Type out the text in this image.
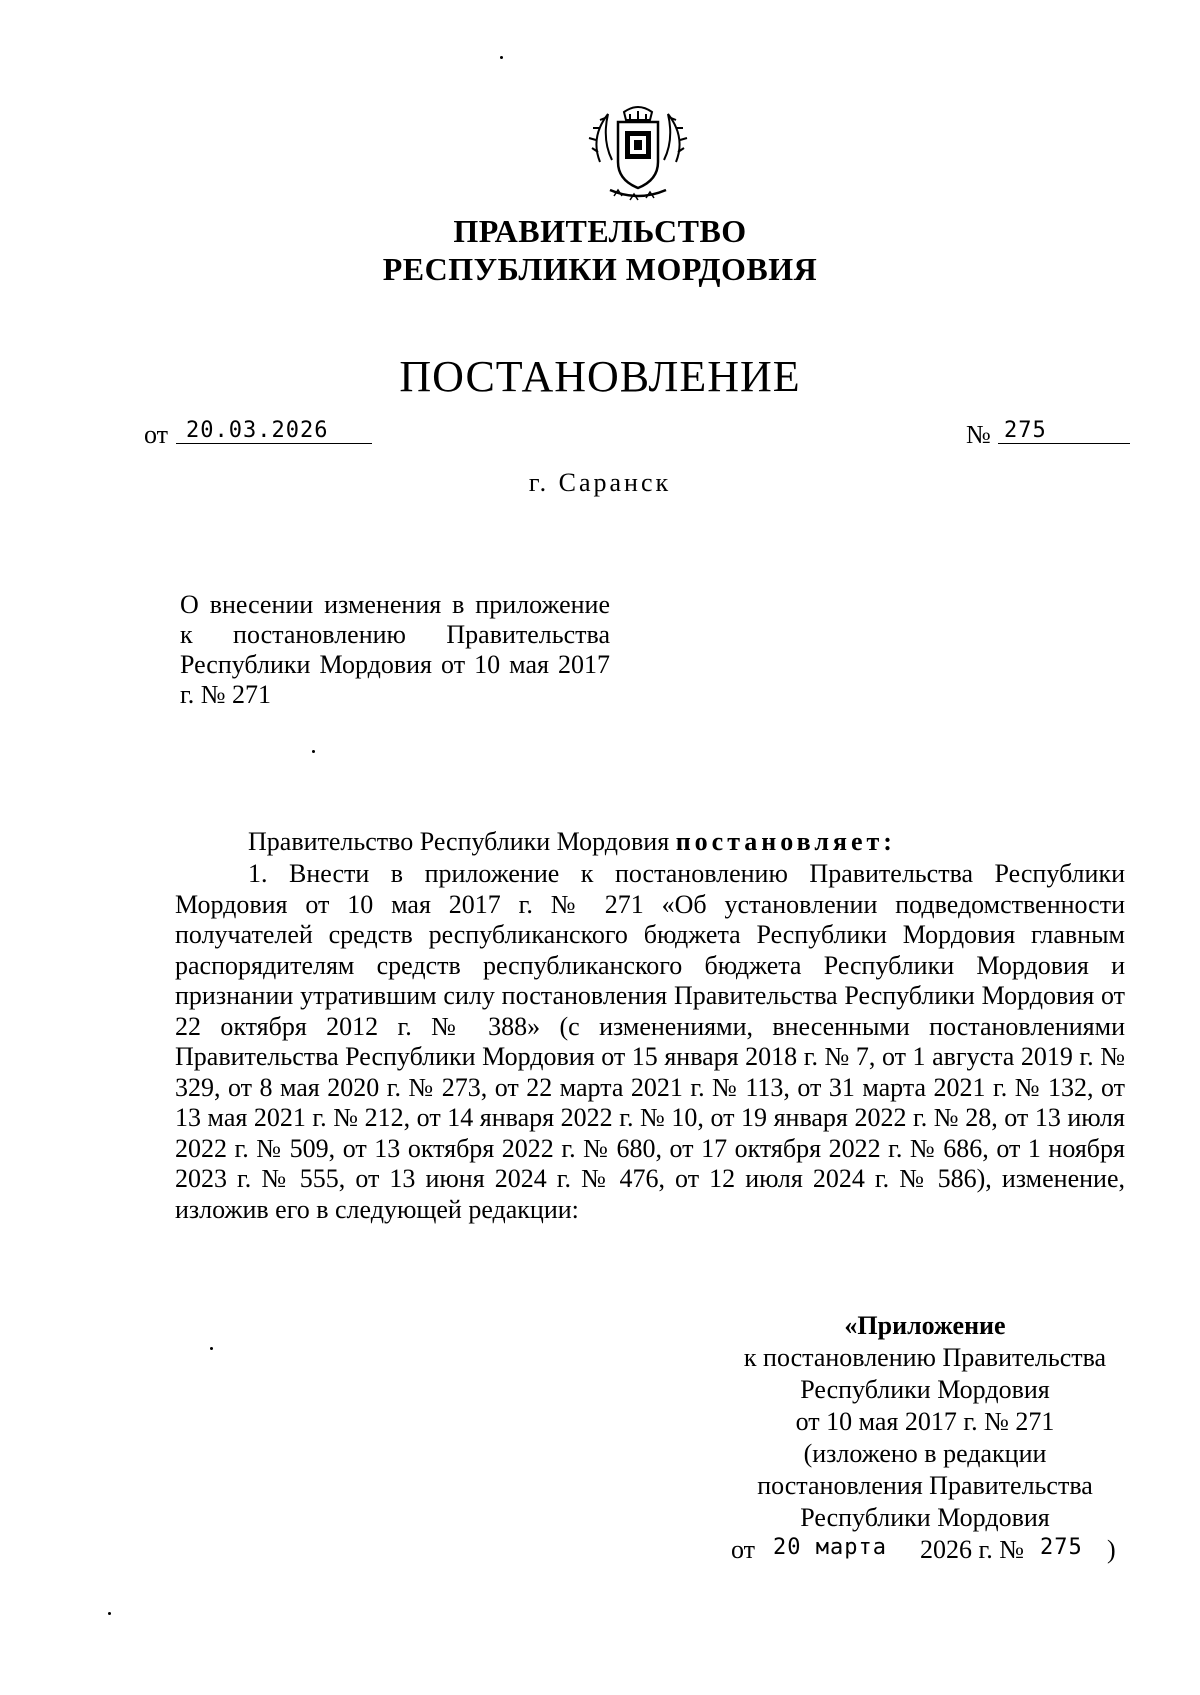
ПРАВИТЕЛЬСТВО
РЕСПУБЛИКИ МОРДОВИЯ
ПОСТАНОВЛЕНИЕ
от 20.03.2026	№ 275
г. Саранск
О внесении изменения в приложение к постановлению Правительства Республики Мордовия от 10 мая 2017 г. № 271
Правительство Республики Мордовия постановляет:
1. Внести в приложение к постановлению Правительства Республики Мордовия от 10 мая 2017 г. № 271 «Об установлении подведомственности получателей средств республиканского бюджета Республики Мордовия главным распорядителям средств республиканского бюджета Республики Мордовия и признании утратившим силу постановления Правительства Республики Мордовия от 22 октября 2012 г. № 388» (с изменениями, внесенными постановлениями Правительства Республики Мордовия от 15 января 2018 г. № 7, от 1 августа 2019 г. № 329, от 8 мая 2020 г. № 273, от 22 марта 2021 г. № 113, от 31 марта 2021 г. № 132, от 13 мая 2021 г. № 212, от 14 января 2022 г. № 10, от 19 января 2022 г. № 28, от 13 июля 2022 г. № 509, от 13 октября 2022 г. № 680, от 17 октября 2022 г. № 686, от 1 ноября 2023 г. № 555, от 13 июня 2024 г. № 476, от 12 июля 2024 г. № 586), изменение, изложив его в следующей редакции:
«Приложение
к постановлению Правительства
Республики Мордовия
от 10 мая 2017 г. № 271
(изложено в редакции
постановления Правительства
Республики Мордовия
от 20 марта 2026 г. № 275 )
